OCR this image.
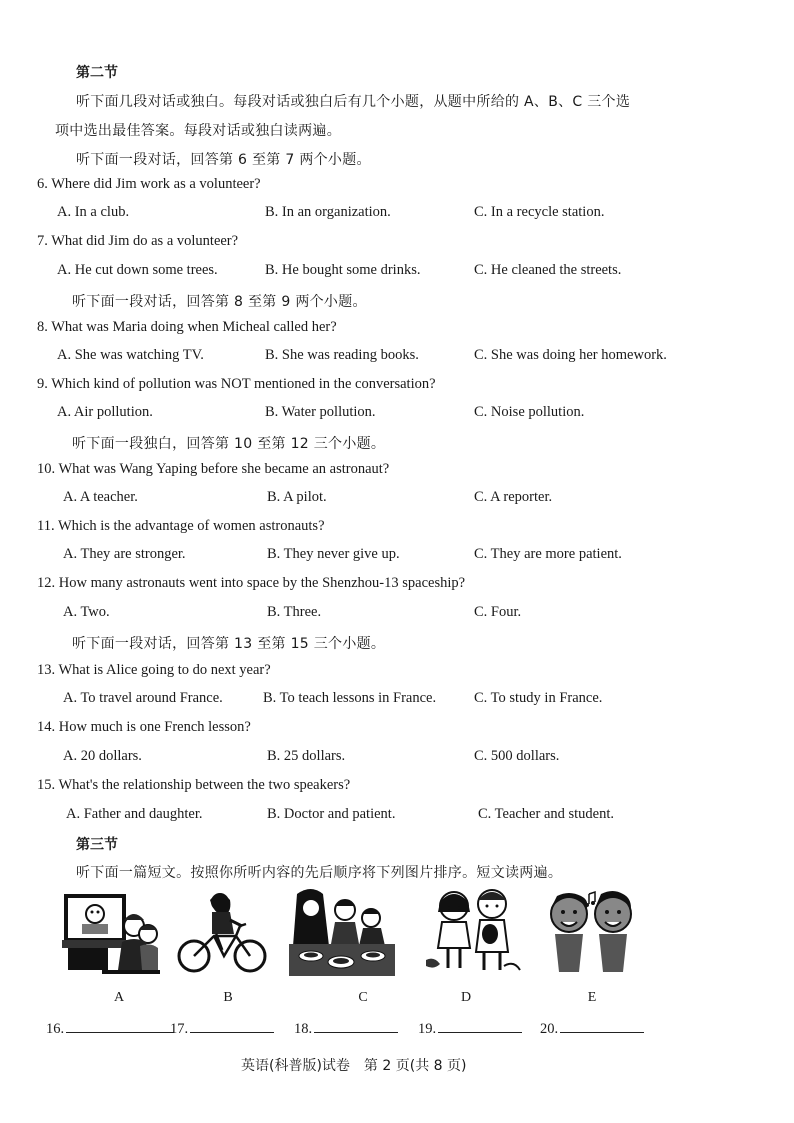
第二节
听下面几段对话或独白。每段对话或独白后有几个小题，从题中所给的 A、B、C 三个选
项中选出最佳答案。每段对话或独白读两遍。
听下面一段对话，回答第 6 至第 7 两个小题。
6. Where did Jim work as a volunteer?
A. In a club.	B. In an organization.	C. In a recycle station.
7. What did Jim do as a volunteer?
A. He cut down some trees.	B. He bought some drinks.	C. He cleaned the streets.
听下面一段对话，回答第 8 至第 9 两个小题。
8. What was Maria doing when Micheal called her?
A. She was watching TV.	B. She was reading books.	C. She was doing her homework.
9. Which kind of pollution was NOT mentioned in the conversation?
A. Air pollution.	B. Water pollution.	C. Noise pollution.
听下面一段独白，回答第 10 至第 12 三个小题。
10. What was Wang Yaping before she became an astronaut?
A. A teacher.	B. A pilot.	C. A reporter.
11. Which is the advantage of women astronauts?
A. They are stronger.	B. They never give up.	C. They are more patient.
12. How many astronauts went into space by the Shenzhou-13 spaceship?
A. Two.	B. Three.	C. Four.
听下面一段对话，回答第 13 至第 15 三个小题。
13. What is Alice going to do next year?
A. To travel around France.	B. To teach lessons in France.	C. To study in France.
14. How much is one French lesson?
A. 20 dollars.	B. 25 dollars.	C. 500 dollars.
15. What's the relationship between the two speakers?
A. Father and daughter.	B. Doctor and patient.	C. Teacher and student.
第三节
听下面一篇短文。按照你所听内容的先后顺序将下列图片排序。短文读两遍。
A	B	C	D	E
16.	17.	18.	19.	20.
英语(科普版)试卷　第 2 页(共 8 页)
